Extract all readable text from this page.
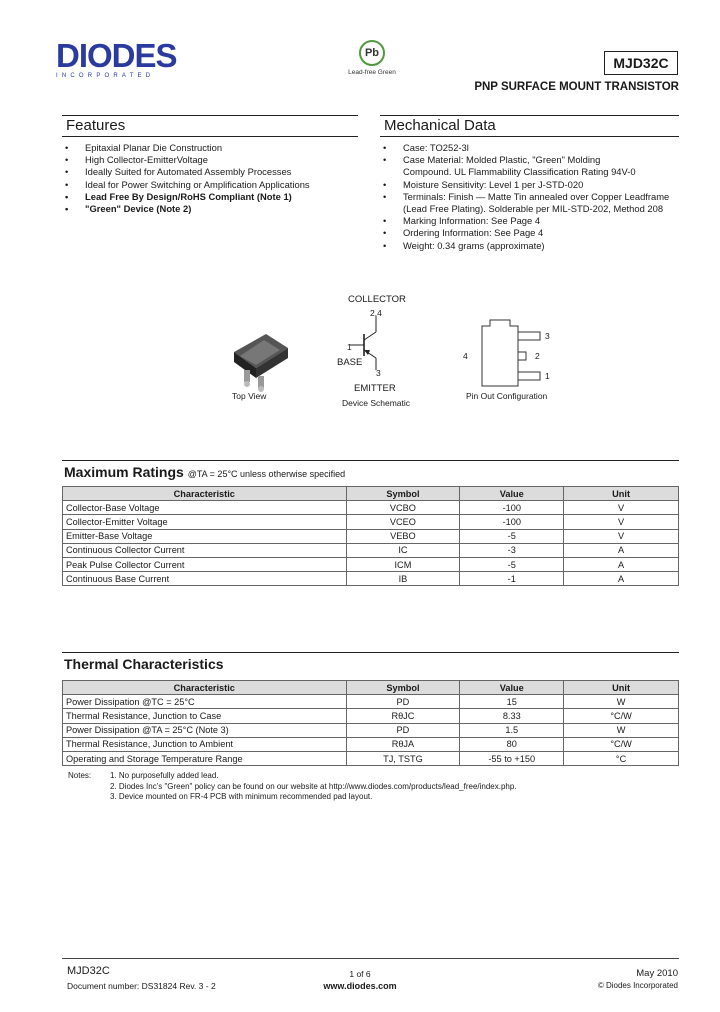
DIODES
INCORPORATED
Pb
Lead-free Green
MJD32C
PNP SURFACE MOUNT TRANSISTOR
Features
• Epitaxial Planar Die Construction
• High Collector-EmitterVoltage
• Ideally Suited for Automated Assembly Processes
• Ideal for Power Switching or Amplification Applications
• Lead Free By Design/RoHS Compliant (Note 1)
• "Green" Device (Note 2)
Mechanical Data
• Case: TO252-3l
• Case Material: Molded Plastic, "Green" Molding Compound. UL Flammability Classification Rating 94V-0
• Moisture Sensitivity: Level 1 per J-STD-020
• Terminals: Finish — Matte Tin annealed over Copper Leadframe (Lead Free Plating). Solderable per MIL-STD-202, Method 208
• Marking Information: See Page 4
• Ordering Information: See Page 4
• Weight: 0.34 grams (approximate)
Top View
COLLECTOR
2,4
1
BASE
3
EMITTER
Device Schematic
4
3
2
1
Pin Out Configuration
Maximum Ratings @TA = 25°C unless otherwise specified
Characteristic	Symbol	Value	Unit
Collector-Base Voltage	VCBO	-100	V
Collector-Emitter Voltage	VCEO	-100	V
Emitter-Base Voltage	VEBO	-5	V
Continuous Collector Current	IC	-3	A
Peak Pulse Collector Current	ICM	-5	A
Continuous Base Current	IB	-1	A
Thermal Characteristics
Characteristic	Symbol	Value	Unit
Power Dissipation @TC = 25°C	PD	15	W
Thermal Resistance, Junction to Case	RθJC	8.33	°C/W
Power Dissipation @TA = 25°C (Note 3)	PD	1.5	W
Thermal Resistance, Junction to Ambient	RθJA	80	°C/W
Operating and Storage Temperature Range	TJ, TSTG	-55 to +150	°C
Notes: 1. No purposefully added lead.
2. Diodes Inc's "Green" policy can be found on our website at http://www.diodes.com/products/lead_free/index.php.
3. Device mounted on FR-4 PCB with minimum recommended pad layout.
MJD32C
Document number: DS31824 Rev. 3 - 2
1 of 6
www.diodes.com
May 2010
© Diodes Incorporated
